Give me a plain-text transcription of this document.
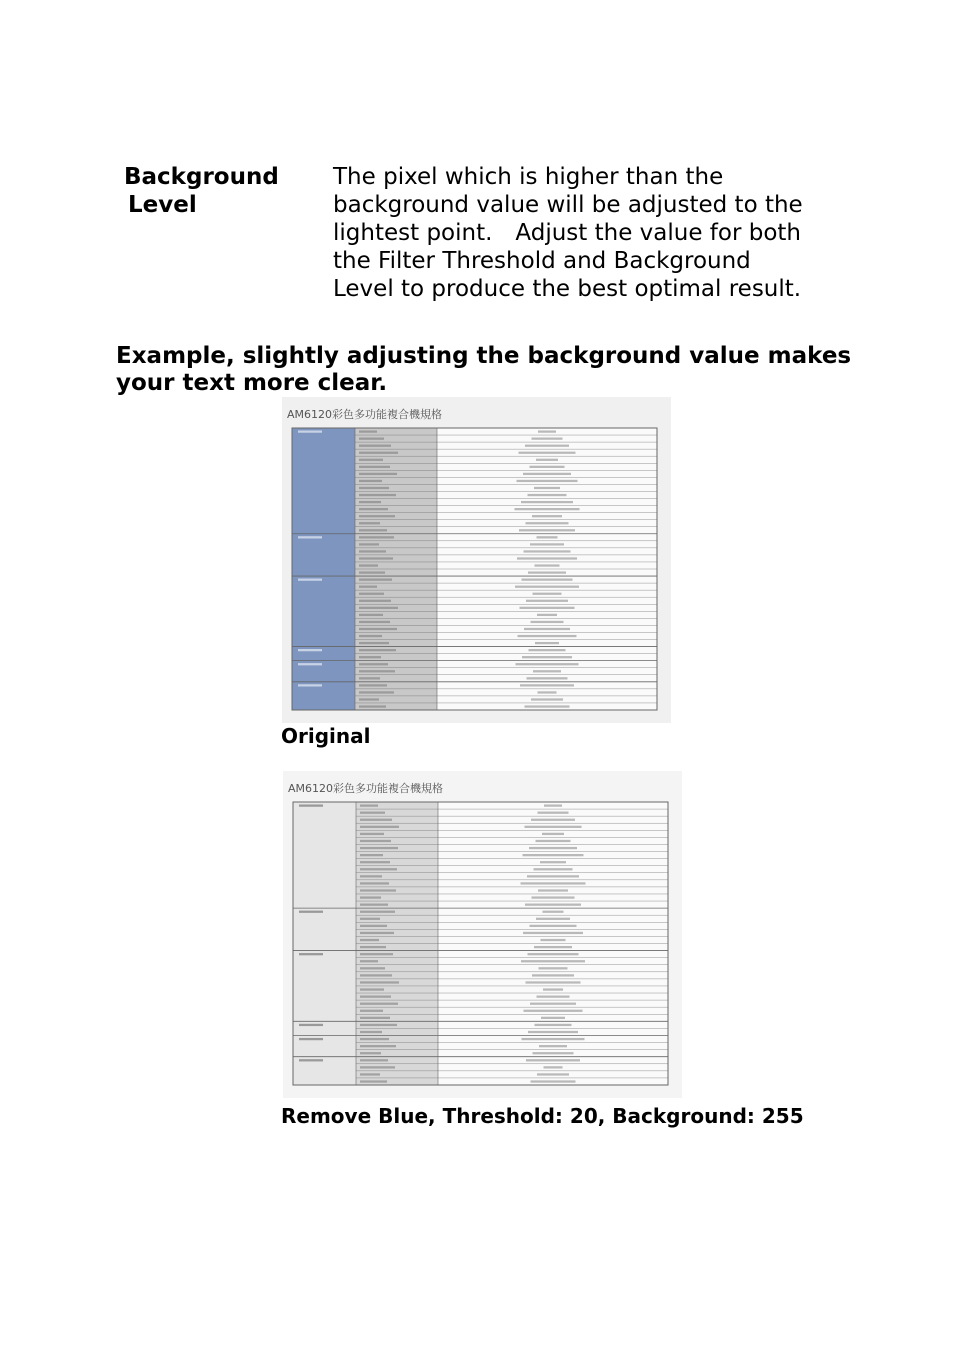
Background
Level
The pixel which is higher than the
background value will be adjusted to the
lightest point.　Adjust the value for both
the Filter Threshold and Background
Level to produce the best optimal result.
Example, slightly adjusting the background value makes
your text more clear.
AM6120彩色多功能複合機規格
Original
AM6120彩色多功能複合機規格
Remove Blue, Threshold: 20, Background: 255
